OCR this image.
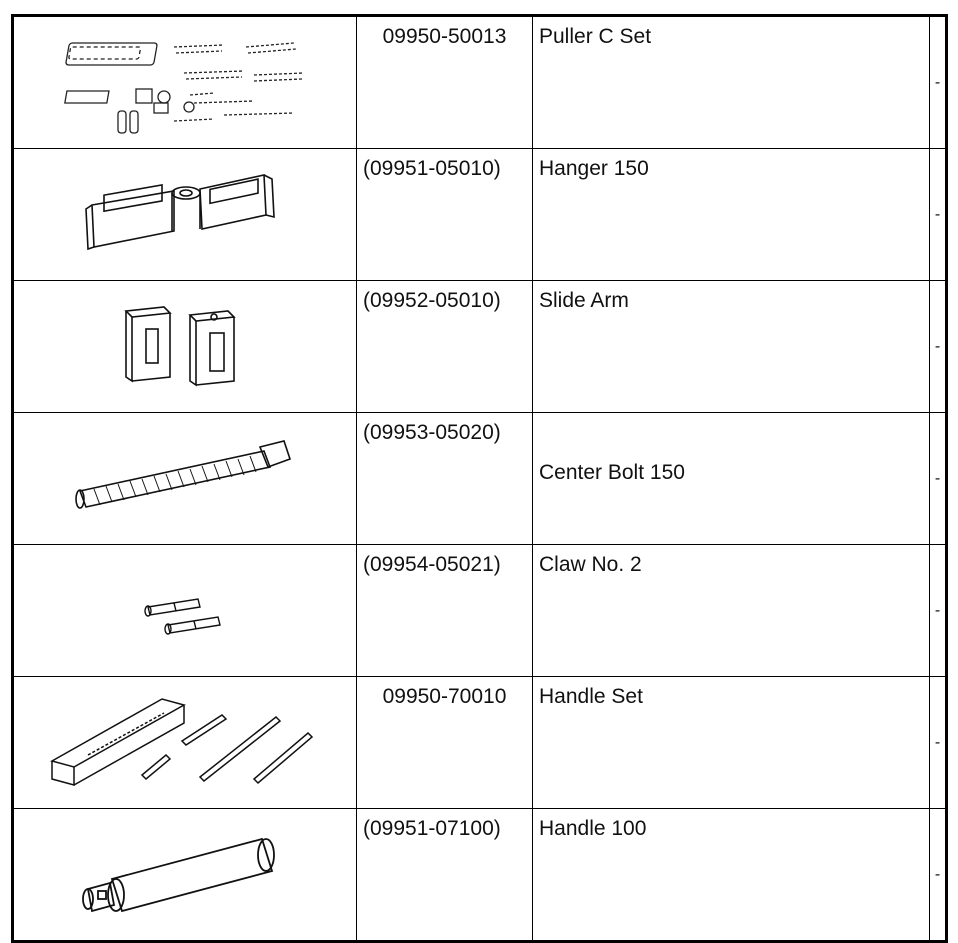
09950-50013	Puller C Set	-

(09951-05010)	Hanger 150	-

(09952-05010)	Slide Arm	-

(09953-05020)	Center Bolt 150	-

(09954-05021)	Claw No. 2	-

09950-70010	Handle Set	-

(09951-07100)	Handle 100	-
